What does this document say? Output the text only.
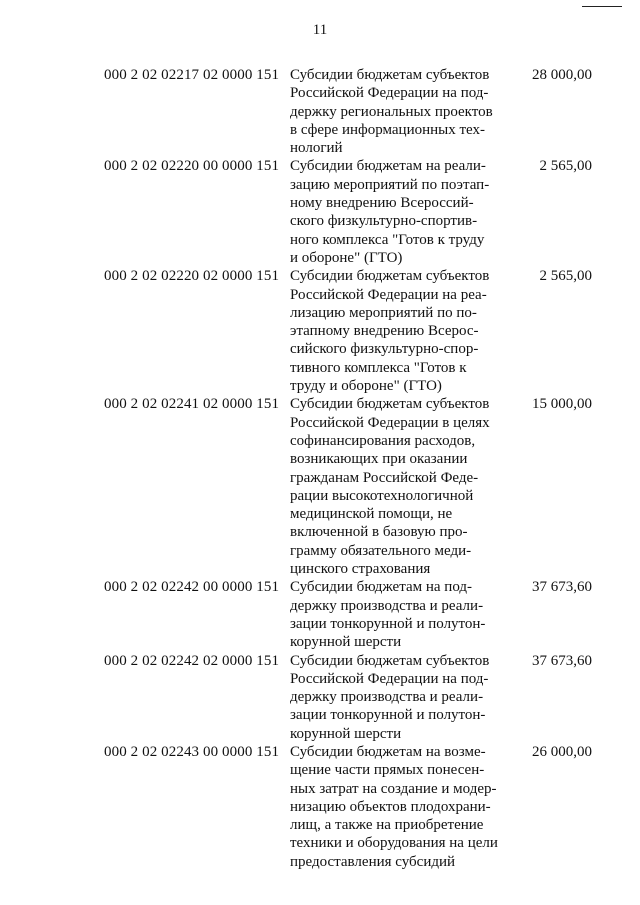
11
000 2 02 02217 02 0000 151 Субсидии бюджетам субъектов
Российской Федерации на под-
держку региональных проектов
в сфере информационных тех-
нологий
28 000,00
000 2 02 02220 00 0000 151 Субсидии бюджетам на реали-
зацию мероприятий по поэтап-
ному внедрению Всероссий-
ского физкультурно-спортив-
ного комплекса "Готов к труду
и обороне" (ГТО)
2 565,00
000 2 02 02220 02 0000 151 Субсидии бюджетам субъектов
Российской Федерации на реа-
лизацию мероприятий по по-
этапному внедрению Всерос-
сийского физкультурно-спор-
тивного комплекса "Готов к
труду и обороне" (ГТО)
2 565,00
000 2 02 02241 02 0000 151 Субсидии бюджетам субъектов
Российской Федерации в целях
софинансирования расходов,
возникающих при оказании
гражданам Российской Феде-
рации высокотехнологичной
медицинской помощи, не
включенной в базовую про-
грамму обязательного меди-
цинского страхования
15 000,00
000 2 02 02242 00 0000 151 Субсидии бюджетам на под-
держку производства и реали-
зации тонкорунной и полутон-
корунной шерсти
37 673,60
000 2 02 02242 02 0000 151 Субсидии бюджетам субъектов
Российской Федерации на под-
держку производства и реали-
зации тонкорунной и полутон-
корунной шерсти
37 673,60
000 2 02 02243 00 0000 151 Субсидии бюджетам на возме-
щение части прямых понесен-
ных затрат на создание и модер-
низацию объектов плодохрани-
лищ, а также на приобретение
техники и оборудования на цели
предоставления субсидий
26 000,00
